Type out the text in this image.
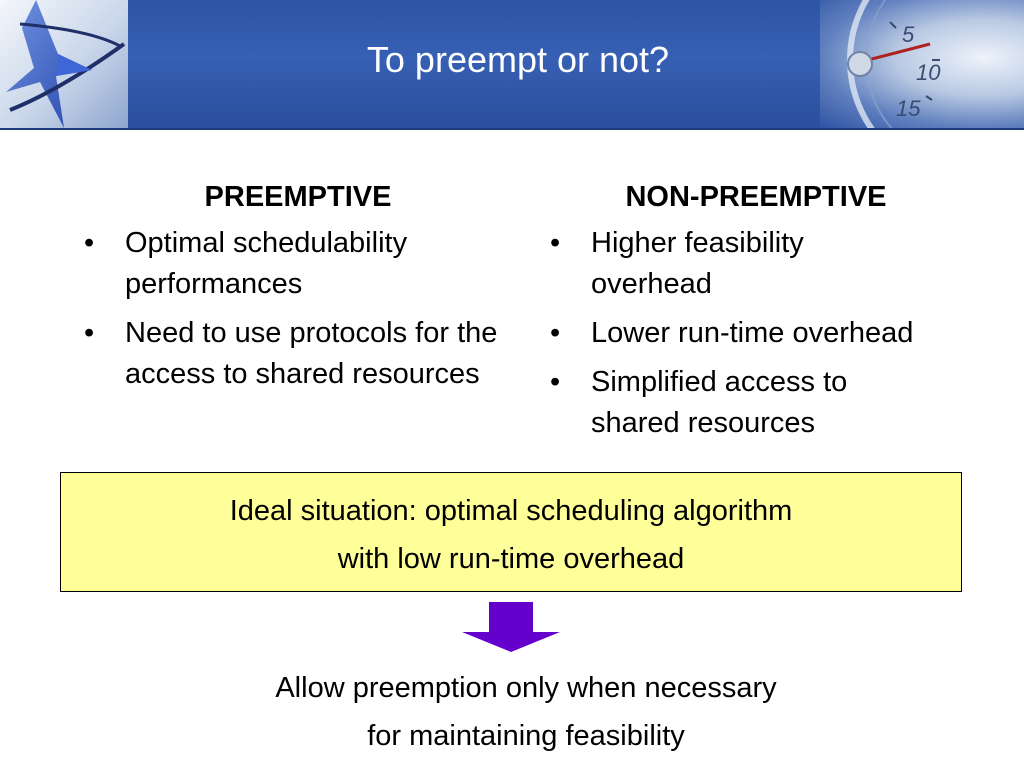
To preempt or not?
5
10
15
PREEMPTIVE
• Optimal schedulability performances
• Need to use protocols for the access to shared resources
NON-PREEMPTIVE
• Higher feasibility overhead
• Lower run-time overhead
• Simplified access to shared resources
Ideal situation: optimal scheduling algorithm
with low run-time overhead
Allow preemption only when necessary
for maintaining feasibility
